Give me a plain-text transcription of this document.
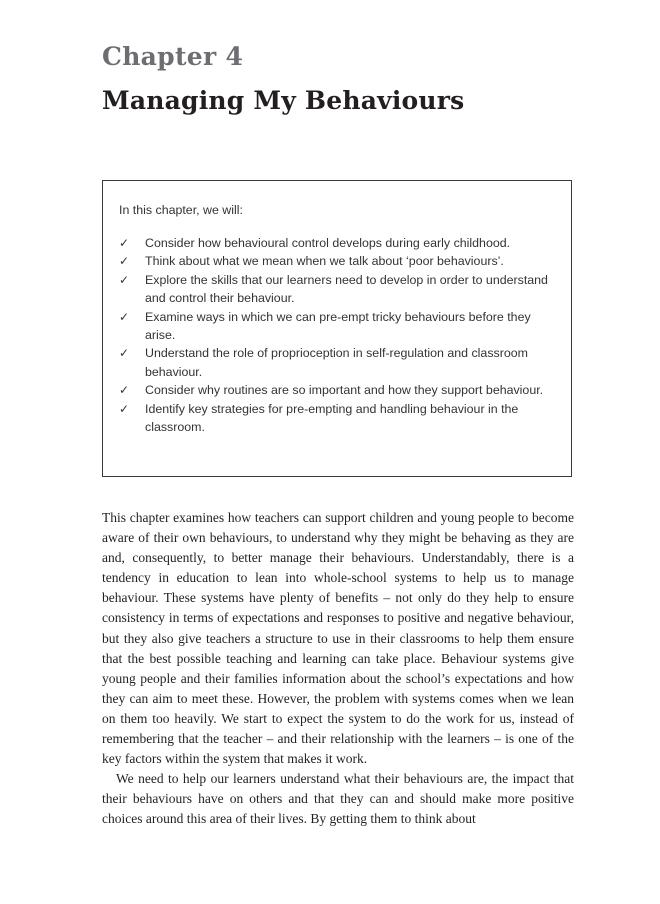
Chapter 4
Managing My Behaviours

In this chapter, we will:

✓	Consider how behavioural control develops during early childhood.
✓	Think about what we mean when we talk about ‘poor behaviours’.
✓	Explore the skills that our learners need to develop in order to understand and control their behaviour.
✓	Examine ways in which we can pre-empt tricky behaviours before they arise.
✓	Understand the role of proprioception in self-regulation and classroom behaviour.
✓	Consider why routines are so important and how they support behaviour.
✓	Identify key strategies for pre-empting and handling behaviour in the classroom.

This chapter examines how teachers can support children and young people to become aware of their own behaviours, to understand why they might be behaving as they are and, consequently, to better manage their behaviours. Understandably, there is a tendency in education to lean into whole-school systems to help us to manage behaviour. These systems have plenty of benefits – not only do they help to ensure consistency in terms of expectations and responses to positive and negative behaviour, but they also give teachers a structure to use in their classrooms to help them ensure that the best possible teaching and learning can take place. Behaviour systems give young people and their families information about the school’s expectations and how they can aim to meet these. However, the problem with systems comes when we lean on them too heavily. We start to expect the system to do the work for us, instead of remembering that the teacher – and their relationship with the learners – is one of the key factors within the system that makes it work.

We need to help our learners understand what their behaviours are, the impact that their behaviours have on others and that they can and should make more positive choices around this area of their lives. By getting them to think about
